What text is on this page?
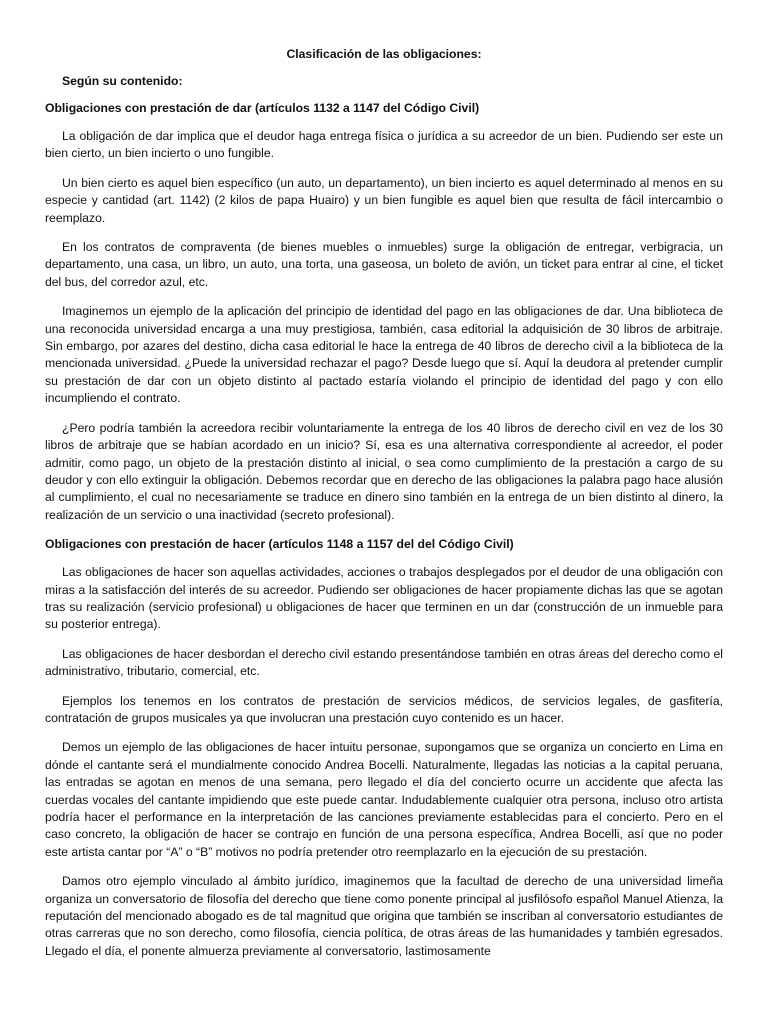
Clasificación de las obligaciones:
Según su contenido:
Obligaciones con prestación de dar (artículos 1132 a 1147 del Código Civil)

La obligación de dar implica que el deudor haga entrega física o jurídica a su acreedor de un bien. Pudiendo ser este un bien cierto, un bien incierto o uno fungible.

Un bien cierto es aquel bien específico (un auto, un departamento), un bien incierto es aquel determinado al menos en su especie y cantidad (art. 1142) (2 kilos de papa Huairo) y un bien fungible es aquel bien que resulta de fácil intercambio o reemplazo.

En los contratos de compraventa (de bienes muebles o inmuebles) surge la obligación de entregar, verbigracia, un departamento, una casa, un libro, un auto, una torta, una gaseosa, un boleto de avión, un ticket para entrar al cine, el ticket del bus, del corredor azul, etc.

Imaginemos un ejemplo de la aplicación del principio de identidad del pago en las obligaciones de dar. Una biblioteca de una reconocida universidad encarga a una muy prestigiosa, también, casa editorial la adquisición de 30 libros de arbitraje. Sin embargo, por azares del destino, dicha casa editorial le hace la entrega de 40 libros de derecho civil a la biblioteca de la mencionada universidad. ¿Puede la universidad rechazar el pago? Desde luego que sí. Aquí la deudora al pretender cumplir su prestación de dar con un objeto distinto al pactado estaría violando el principio de identidad del pago y con ello incumpliendo el contrato.

¿Pero podría también la acreedora recibir voluntariamente la entrega de los 40 libros de derecho civil en vez de los 30 libros de arbitraje que se habían acordado en un inicio? Sí, esa es una alternativa correspondiente al acreedor, el poder admitir, como pago, un objeto de la prestación distinto al inicial, o sea como cumplimiento de la prestación a cargo de su deudor y con ello extinguir la obligación. Debemos recordar que en derecho de las obligaciones la palabra pago hace alusión al cumplimiento, el cual no necesariamente se traduce en dinero sino también en la entrega de un bien distinto al dinero, la realización de un servicio o una inactividad (secreto profesional).

Obligaciones con prestación de hacer (artículos 1148 a 1157 del del Código Civil)

Las obligaciones de hacer son aquellas actividades, acciones o trabajos desplegados por el deudor de una obligación con miras a la satisfacción del interés de su acreedor. Pudiendo ser obligaciones de hacer propiamente dichas las que se agotan tras su realización (servicio profesional) u obligaciones de hacer que terminen en un dar (construcción de un inmueble para su posterior entrega).

Las obligaciones de hacer desbordan el derecho civil estando presentándose también en otras áreas del derecho como el administrativo, tributario, comercial, etc.

Ejemplos los tenemos en los contratos de prestación de servicios médicos, de servicios legales, de gasfitería, contratación de grupos musicales ya que involucran una prestación cuyo contenido es un hacer.

Demos un ejemplo de las obligaciones de hacer intuitu personae, supongamos que se organiza un concierto en Lima en dónde el cantante será el mundialmente conocido Andrea Bocelli. Naturalmente, llegadas las noticias a la capital peruana, las entradas se agotan en menos de una semana, pero llegado el día del concierto ocurre un accidente que afecta las cuerdas vocales del cantante impidiendo que este puede cantar. Indudablemente cualquier otra persona, incluso otro artista podría hacer el performance en la interpretación de las canciones previamente establecidas para el concierto. Pero en el caso concreto, la obligación de hacer se contrajo en función de una persona específica, Andrea Bocelli, así que no poder este artista cantar por “A” o “B” motivos no podría pretender otro reemplazarlo en la ejecución de su prestación.

Damos otro ejemplo vinculado al ámbito jurídico, imaginemos que la facultad de derecho de una universidad limeña organiza un conversatorio de filosofía del derecho que tiene como ponente principal al jusfilósofo español Manuel Atienza, la reputación del mencionado abogado es de tal magnitud que origina que también se inscriban al conversatorio estudiantes de otras carreras que no son derecho, como filosofía, ciencia política, de otras áreas de las humanidades y también egresados. Llegado el día, el ponente almuerza previamente al conversatorio, lastimosamente
